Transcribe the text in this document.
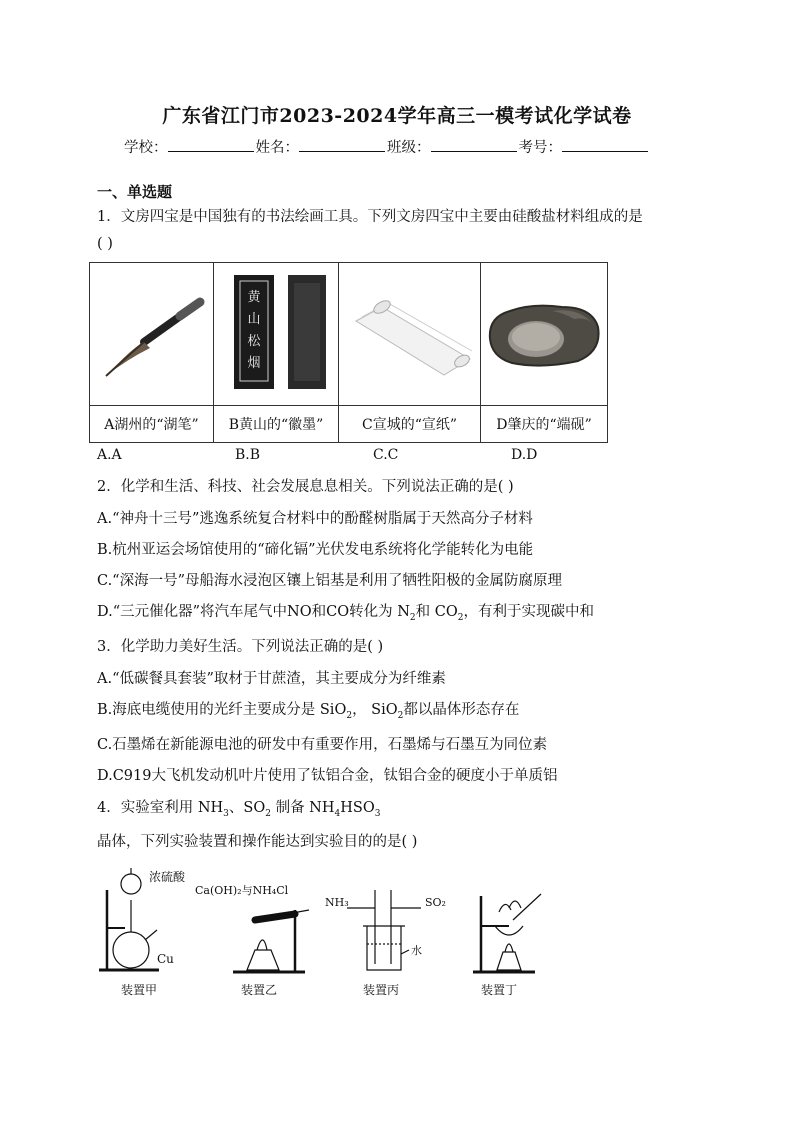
广东省江门市2023-2024学年高三一模考试化学试卷
学校：	姓名：	班级：	考号：
一、单选题
1．文房四宝是中国独有的书法绘画工具。下列文房四宝中主要由硅酸盐材料组成的是
( )

黄
山
松
烟

A湖州的“湖笔”	B黄山的“徽墨”	C宣城的“宣纸”	D肇庆的“端砚”
A.A	B.B	C.C	D.D
2．化学和生活、科技、社会发展息息相关。下列说法正确的是( )
A.“神舟十三号”逃逸系统复合材料中的酚醛树脂属于天然高分子材料
B.杭州亚运会场馆使用的“碲化镉”光伏发电系统将化学能转化为电能
C.“深海一号”母船海水浸泡区镶上铝基是利用了牺牲阳极的金属防腐原理
D.“三元催化器”将汽车尾气中NO和CO转化为 $N_2$和 $CO_2$，有利于实现碳中和
3．化学助力美好生活。下列说法正确的是( )
A.“低碳餐具套装”取材于甘蔗渣，其主要成分为纤维素
B.海底电缆使用的光纤主要成分是 SiO$_2$， SiO$_2$都以晶体形态存在
C.石墨烯在新能源电池的研发中有重要作用，石墨烯与石墨互为同位素
D.C919大飞机发动机叶片使用了钛铝合金，钛铝合金的硬度小于单质铝
4．实验室利用 $NH_3$、$SO_2$ 制备 $NH_4HSO_3$
晶体，下列实验装置和操作能达到实验目的的是( )
浓硫酸
Cu
装置甲
Ca(OH)₂与NH₄Cl
装置乙
NH₃	SO₂
水
装置丙	装置丁
